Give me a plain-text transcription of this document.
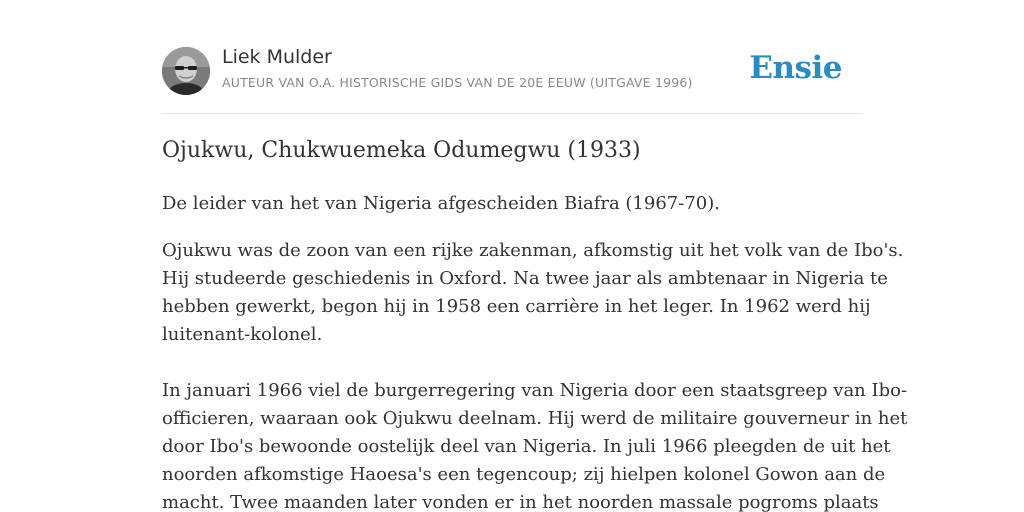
Liek Mulder
AUTEUR VAN O.A. HISTORISCHE GIDS VAN DE 20E EEUW (UITGAVE 1996) Ensie
Ojukwu, Chukwuemeka Odumegwu (1933)

De leider van het van Nigeria afgescheiden Biafra (1967-70).

Ojukwu was de zoon van een rijke zakenman, afkomstig uit het volk van de Ibo's.
Hij studeerde geschiedenis in Oxford. Na twee jaar als ambtenaar in Nigeria te
hebben gewerkt, begon hij in 1958 een carrière in het leger. In 1962 werd hij
luitenant-kolonel.
In januari 1966 viel de burgerregering van Nigeria door een staatsgreep van Ibo-
officieren, waaraan ook Ojukwu deelnam. Hij werd de militaire gouverneur in het
door Ibo's bewoonde oostelijk deel van Nigeria. In juli 1966 pleegden de uit het
noorden afkomstige Haoesa's een tegencoup; zij hielpen kolonel Gowon aan de
macht. Twee maanden later vonden er in het noorden massale pogroms plaats
